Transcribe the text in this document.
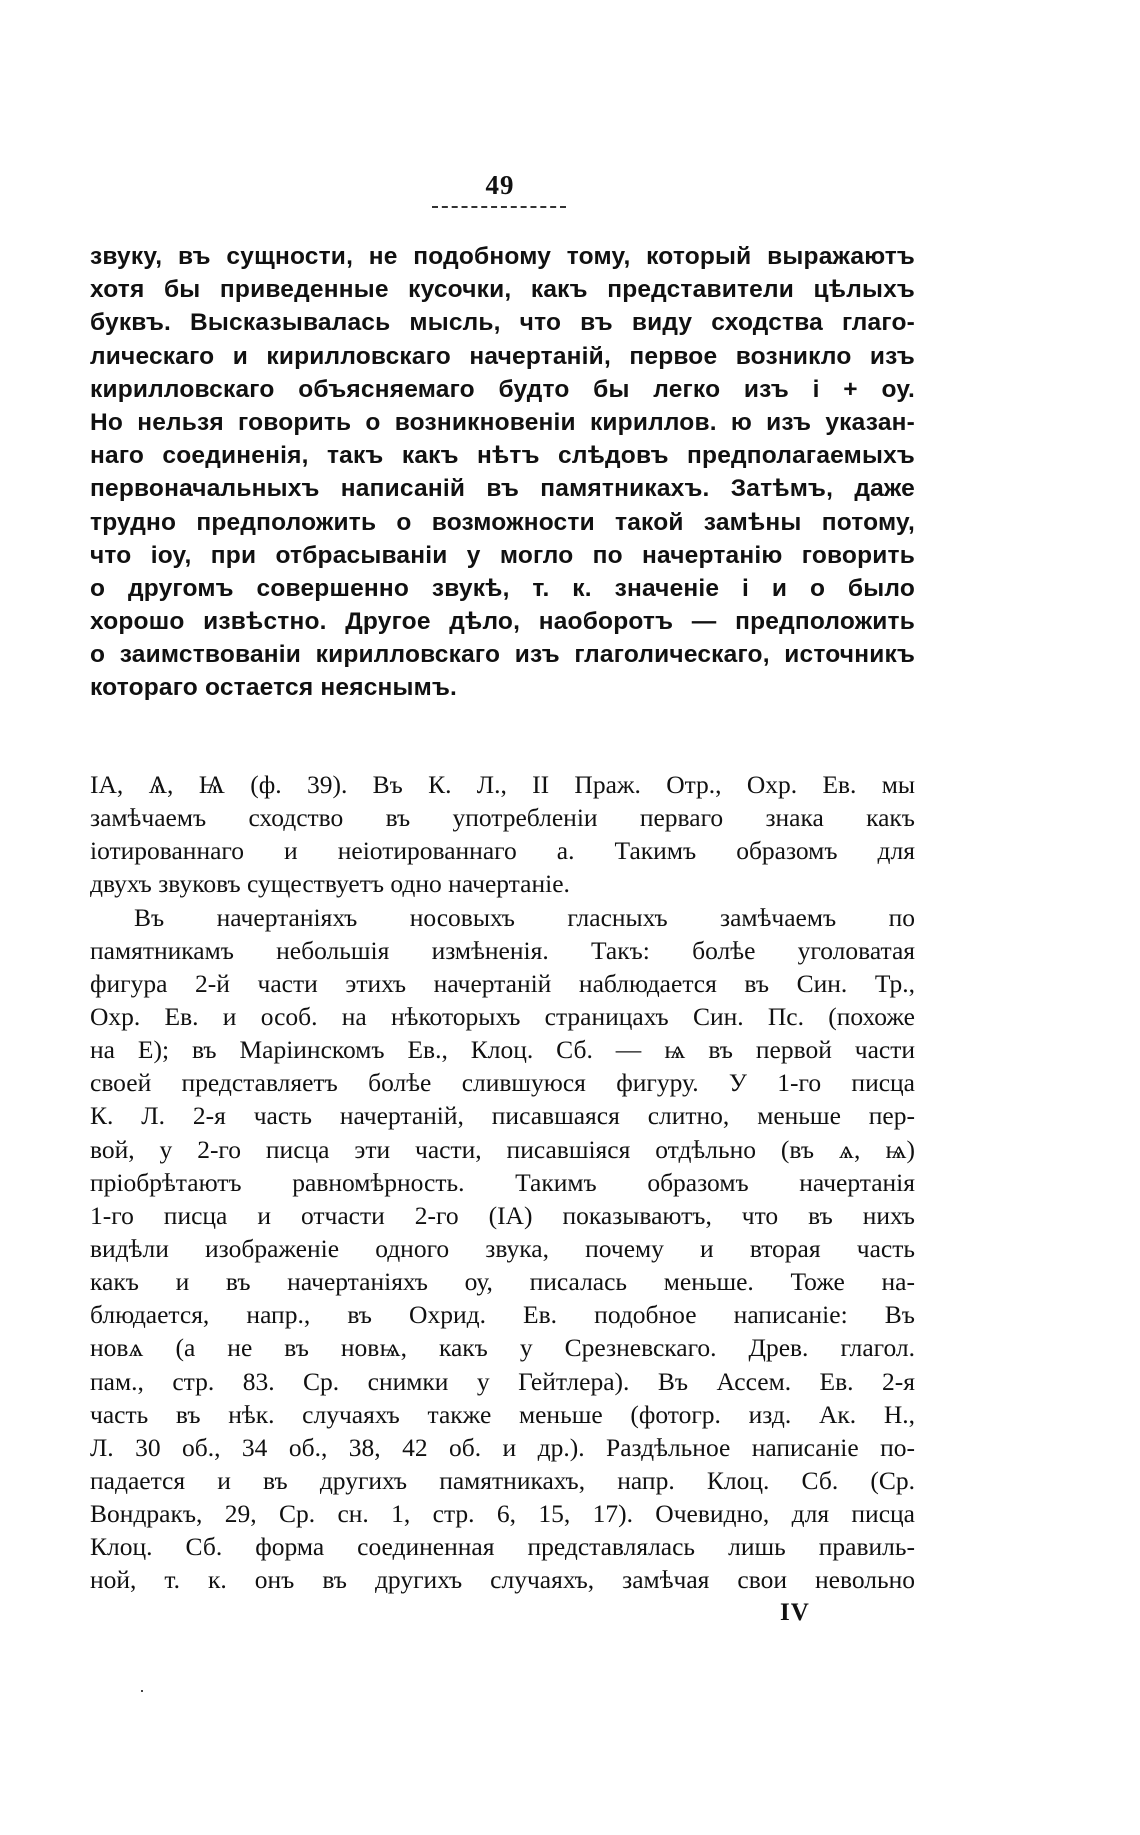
49
звуку, въ сущности, не подобному тому, который выражаютъ
хотя бы приведенные кусочки, какъ представители цѣлыхъ
буквъ. Высказывалась мысль, что въ виду сходства глаго-
лическаго и кирилловскаго начертаній, первое возникло изъ
кирилловскаго объясняемаго будто бы легко изъ і + оу.
Но нельзя говорить о возникновеніи кириллов. ю изъ указан-
наго соединенія, такъ какъ нѣтъ слѣдовъ предполагаемыхъ
первоначальныхъ написаній въ памятникахъ. Затѣмъ, даже
трудно предположить о возможности такой замѣны потому,
что іоу, при отбрасываніи у могло по начертанію говорить
о другомъ совершенно звукѣ, т. к. значеніе і и о было
хорошо извѣстно. Другое дѣло, наоборотъ — предположить
о заимствованіи кирилловскаго изъ глаголическаго, источникъ
котораго остается неяснымъ.
ІА, Ѧ, Ѩ (ф. 39). Въ К. Л., II Праж. Отр., Охр. Ев. мы
замѣчаемъ сходство въ употребленіи перваго знака какъ
іотированнаго и неіотированнаго а. Такимъ образомъ для
двухъ звуковъ существуетъ одно начертаніе.
Въ начертаніяхъ носовыхъ гласныхъ замѣчаемъ по
памятникамъ небольшія измѣненія. Такъ: болѣе уголоватая
фигура 2-й части этихъ начертаній наблюдается въ Син. Тр.,
Охр. Ев. и особ. на нѣкоторыхъ страницахъ Син. Пс. (похоже
на Е); въ Маріинскомъ Ев., Клоц. Сб. — ѩ въ первой части
своей представляетъ болѣе слившуюся фигуру. У 1-го писца
К. Л. 2-я часть начертаній, писавшаяся слитно, меньше пер-
вой, у 2-го писца эти части, писавшіяся отдѣльно (въ ѧ, ѩ)
пріобрѣтаютъ равномѣрность. Такимъ образомъ начертанія
1-го писца и отчасти 2-го (ІА) показываютъ, что въ нихъ
видѣли изображеніе одного звука, почему и вторая часть
какъ и въ начертаніяхъ оу, писалась меньше. Тоже на-
блюдается, напр., въ Охрид. Ев. подобное написаніе: Въ
новѧ (а не въ новѩ, какъ у Срезневскаго. Древ. глагол.
пам., стр. 83. Ср. снимки у Гейтлера). Въ Ассем. Ев. 2-я
часть въ нѣк. случаяхъ также меньше (фотогр. изд. Ак. Н.,
Л. 30 об., 34 об., 38, 42 об. и др.). Раздѣльное написаніе по-
падается и въ другихъ памятникахъ, напр. Клоц. Сб. (Ср.
Вондракъ, 29, Ср. сн. 1, стр. 6, 15, 17). Очевидно, для писца
Клоц. Сб. форма соединенная представлялась лишь правиль-
ной, т. к. онъ въ другихъ случаяхъ, замѣчая свои невольно
IV
